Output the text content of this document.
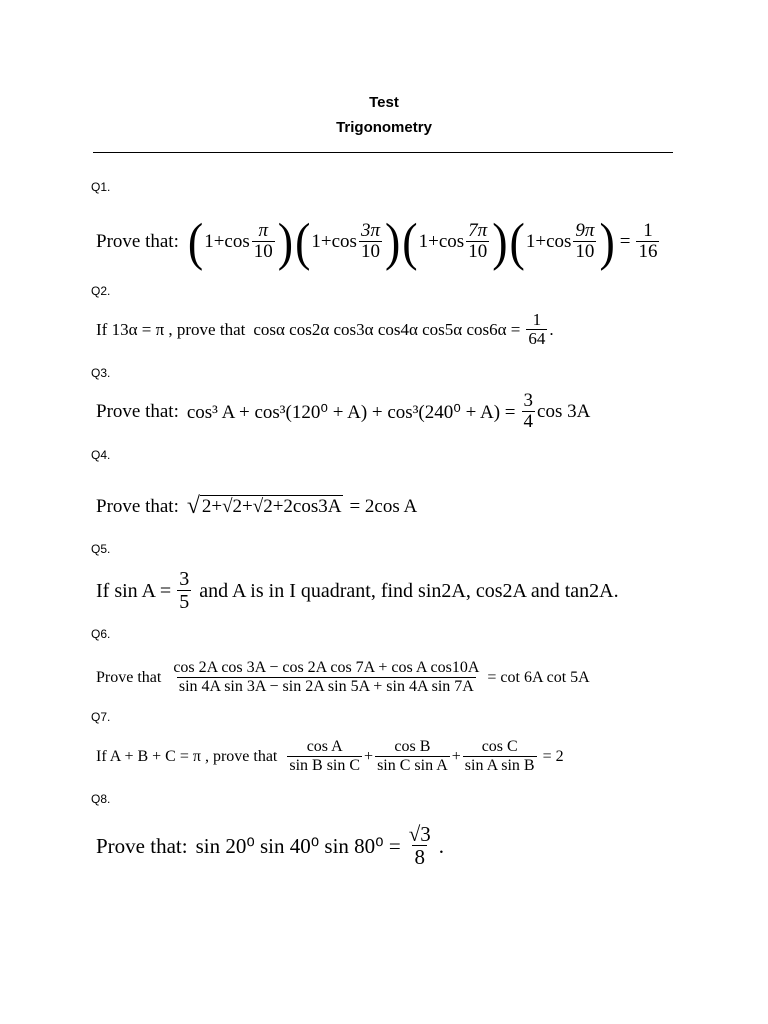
Test
Trigonometry
Q1.
Prove that: ( $1+\cos \frac{\pi}{10}$ ) ( $1+\cos \frac{3\pi}{10}$ ) ( $1+\cos \frac{7\pi}{10}$ ) ( $1+\cos \frac{9\pi}{10}$ ) = $\frac{1}{16}$
Q2.
If 13α = π , prove that cosα cos2α cos3α cos4α cos5α $\cos 6\alpha = \frac{1}{64}$ .
Q3.
Prove that: cos³ $A + \cos^3(120^0 + A) + \cos^3(240^0 + A) = \frac{3}{4}$ cos 3A
Q4.
Prove that: √ 2+√2+√2+2cos3A = 2cos A
Q5.
If $\sin A = \frac{3}{5}$ and A is in I quadrant, find sin2A, cos2A and tan2A.
Q6.
Prove that $\frac{\text{cos 2A cos 3A − cos 2A cos 7A + cos A cos10A}}{\text{sin 4A sin 3A − sin 2A sin 5A + sin 4A sin 7A}} = \cot 6A$ cot 5A
Q7.
If A + B + C = π , prove that $\frac{\text{cos A}}{\text{sin B sin C}} + \frac{\text{cos B}}{\text{sin C sin A}} + \frac{\text{cos C}}{\text{sin A sin B}} = 2$
Q8.
Prove that: sin 20⁰ sin 40⁰ $\sin 80^0 = \frac{√3}{8}$ .
